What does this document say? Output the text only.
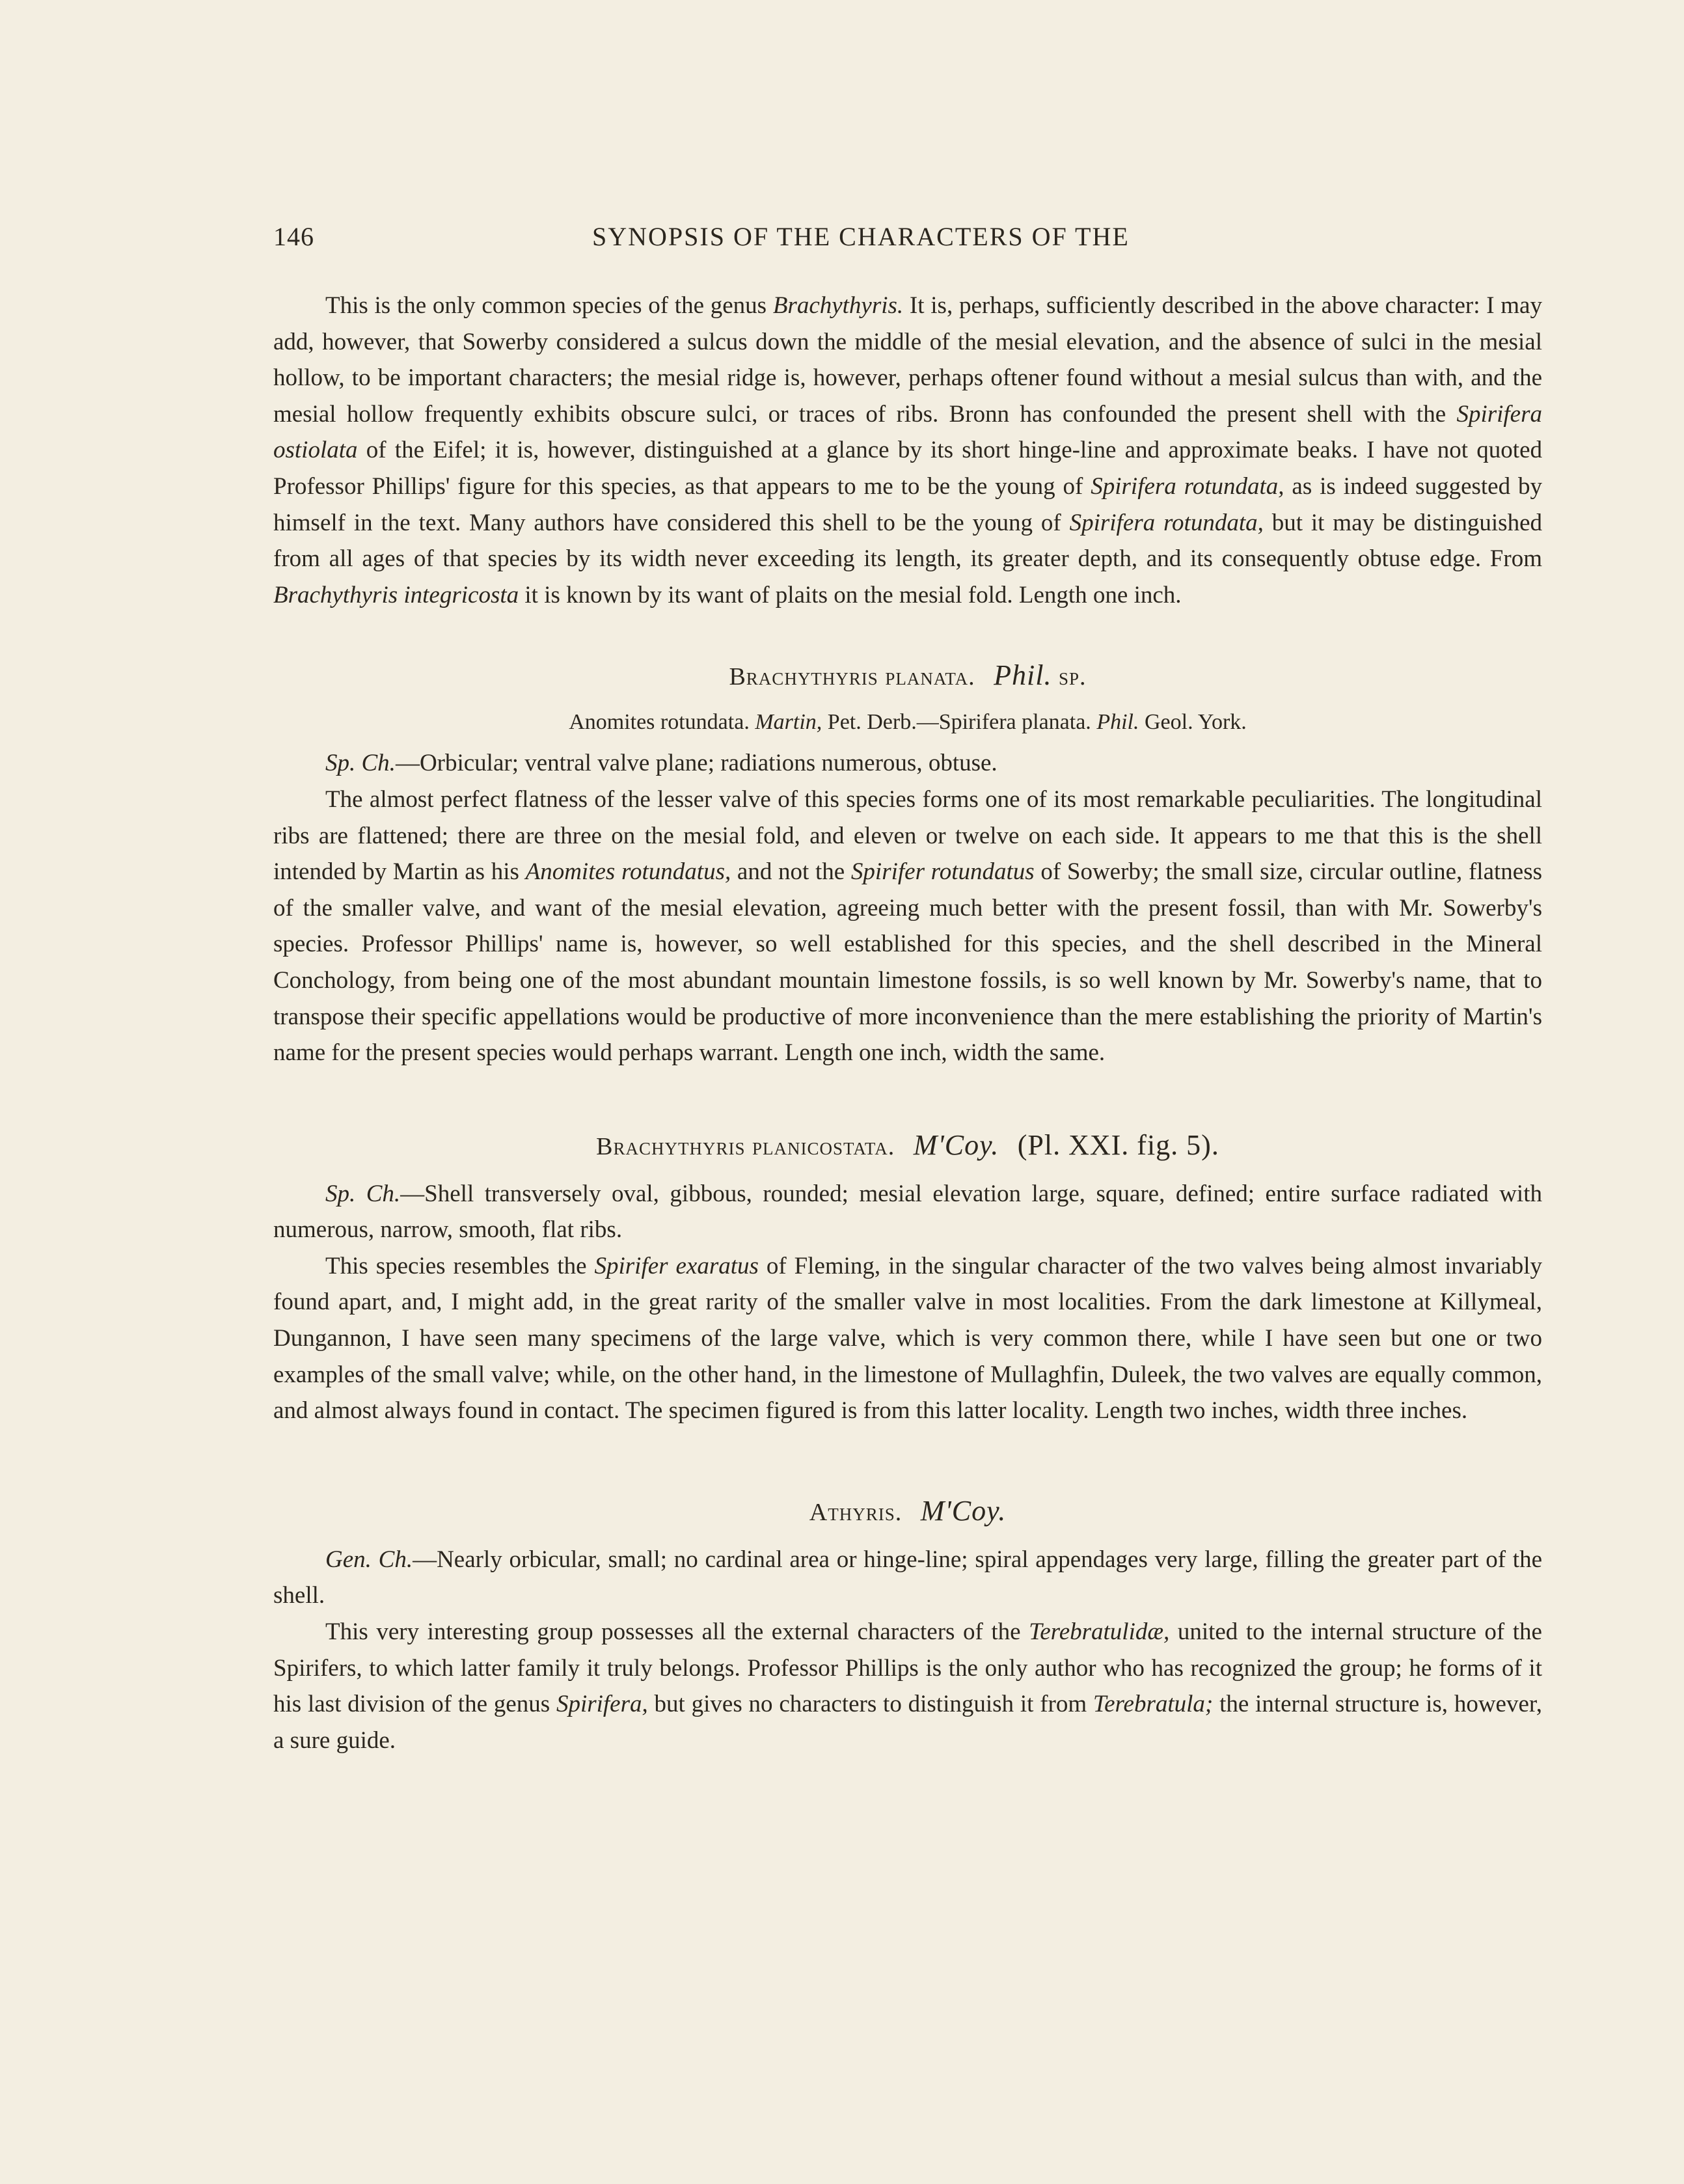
146	SYNOPSIS OF THE CHARACTERS OF THE

This is the only common species of the genus Brachythyris. It is, perhaps, sufficiently described in the above character: I may add, however, that Sowerby considered a sulcus down the middle of the mesial elevation, and the absence of sulci in the mesial hollow, to be important characters; the mesial ridge is, however, perhaps oftener found without a mesial sulcus than with, and the mesial hollow frequently exhibits obscure sulci, or traces of ribs. Bronn has confounded the present shell with the Spirifera ostiolata of the Eifel; it is, however, distinguished at a glance by its short hinge-line and approximate beaks. I have not quoted Professor Phillips' figure for this species, as that appears to me to be the young of Spirifera rotundata, as is indeed suggested by himself in the text. Many authors have considered this shell to be the young of Spirifera rotundata, but it may be distinguished from all ages of that species by its width never exceeding its length, its greater depth, and its consequently obtuse edge. From Brachythyris integricosta it is known by its want of plaits on the mesial fold. Length one inch.

Brachythyris planata. Phil. sp.
Anomites rotundata. Martin, Pet. Derb.—Spirifera planata. Phil. Geol. York.

Sp. Ch.—Orbicular; ventral valve plane; radiations numerous, obtuse.

The almost perfect flatness of the lesser valve of this species forms one of its most remarkable peculiarities. The longitudinal ribs are flattened; there are three on the mesial fold, and eleven or twelve on each side. It appears to me that this is the shell intended by Martin as his Anomites rotundatus, and not the Spirifer rotundatus of Sowerby; the small size, circular outline, flatness of the smaller valve, and want of the mesial elevation, agreeing much better with the present fossil, than with Mr. Sowerby's species. Professor Phillips' name is, however, so well established for this species, and the shell described in the Mineral Conchology, from being one of the most abundant mountain limestone fossils, is so well known by Mr. Sowerby's name, that to transpose their specific appellations would be productive of more inconvenience than the mere establishing the priority of Martin's name for the present species would perhaps warrant. Length one inch, width the same.

Brachythyris planicostata. M'Coy. (Pl. XXI. fig. 5).

Sp. Ch.—Shell transversely oval, gibbous, rounded; mesial elevation large, square, defined; entire surface radiated with numerous, narrow, smooth, flat ribs.

This species resembles the Spirifer exaratus of Fleming, in the singular character of the two valves being almost invariably found apart, and, I might add, in the great rarity of the smaller valve in most localities. From the dark limestone at Killymeal, Dungannon, I have seen many specimens of the large valve, which is very common there, while I have seen but one or two examples of the small valve; while, on the other hand, in the limestone of Mullaghfin, Duleek, the two valves are equally common, and almost always found in contact. The specimen figured is from this latter locality. Length two inches, width three inches.

Athyris. M'Coy.

Gen. Ch.—Nearly orbicular, small; no cardinal area or hinge-line; spiral appendages very large, filling the greater part of the shell.

This very interesting group possesses all the external characters of the Terebratulidæ, united to the internal structure of the Spirifers, to which latter family it truly belongs. Professor Phillips is the only author who has recognized the group; he forms of it his last division of the genus Spirifera, but gives no characters to distinguish it from Terebratula; the internal structure is, however, a sure guide.
